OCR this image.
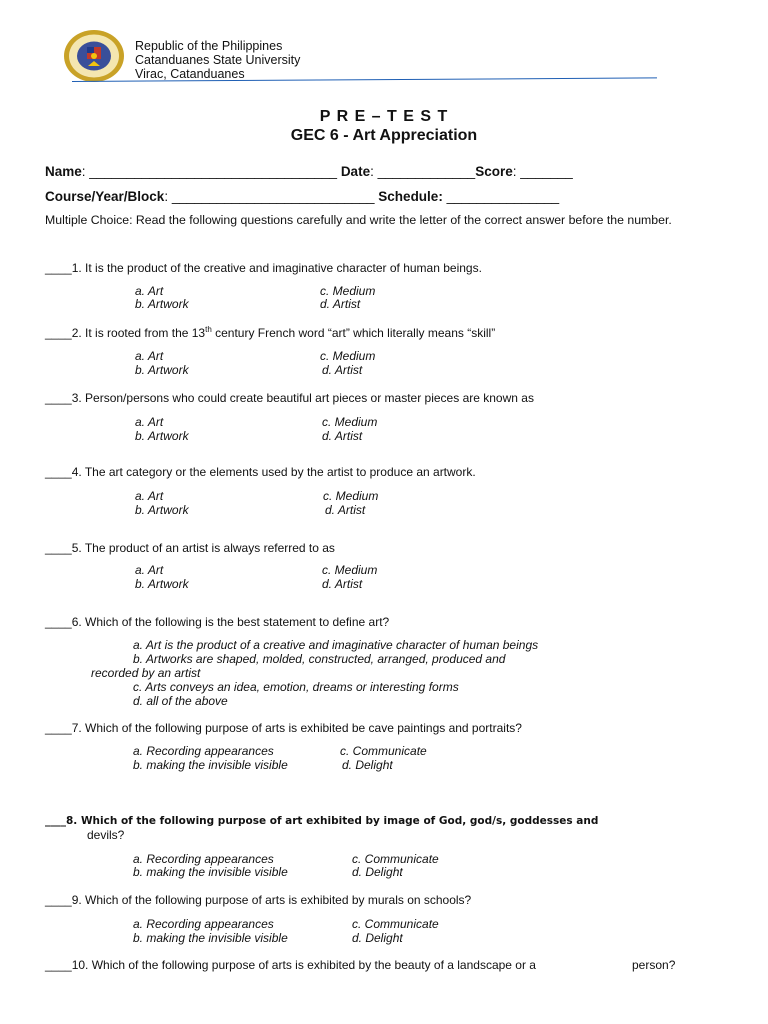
Republic of the Philippines
Catanduanes State University
Virac, Catanduanes
P R E – T E S T
GEC 6 - Art Appreciation
Name: _________________________________ Date: _____________Score: _______
Course/Year/Block: ___________________________ Schedule: _______________
Multiple Choice: Read the following questions carefully and write the letter of the correct answer before the number.
____1. It is the product of the creative and imaginative character of human beings.
a. Art	c. Medium
b. Artwork	d. Artist
____2. It is rooted from the 13th century French word “art” which literally means “skill”
a. Art	c. Medium
b. Artwork	d. Artist
____3. Person/persons who could create beautiful art pieces or master pieces are known as
a. Art	c. Medium
b. Artwork	d. Artist
____4. The art category or the elements used by the artist to produce an artwork.
a. Art	c. Medium
b. Artwork	d. Artist
____5. The product of an artist is always referred to as
a. Art	c. Medium
b. Artwork	d. Artist
____6. Which of the following is the best statement to define art?
a. Art is the product of a creative and imaginative character of human beings
b. Artworks are shaped, molded, constructed, arranged, produced and
recorded by an artist
c. Arts conveys an idea, emotion, dreams or interesting forms
d. all of the above
____7. Which of the following purpose of arts is exhibited be cave paintings and portraits?
a. Recording appearances	c. Communicate
b. making the invisible visible	d. Delight
____8. Which of the following purpose of art exhibited by image of God, god/s, goddesses and
devils?
a. Recording appearances	c. Communicate
b. making the invisible visible	d. Delight
____9. Which of the following purpose of arts is exhibited by murals on schools?
a. Recording appearances	c. Communicate
b. making the invisible visible	d. Delight
____10. Which of the following purpose of arts is exhibited by the beauty of a landscape or a	person?
